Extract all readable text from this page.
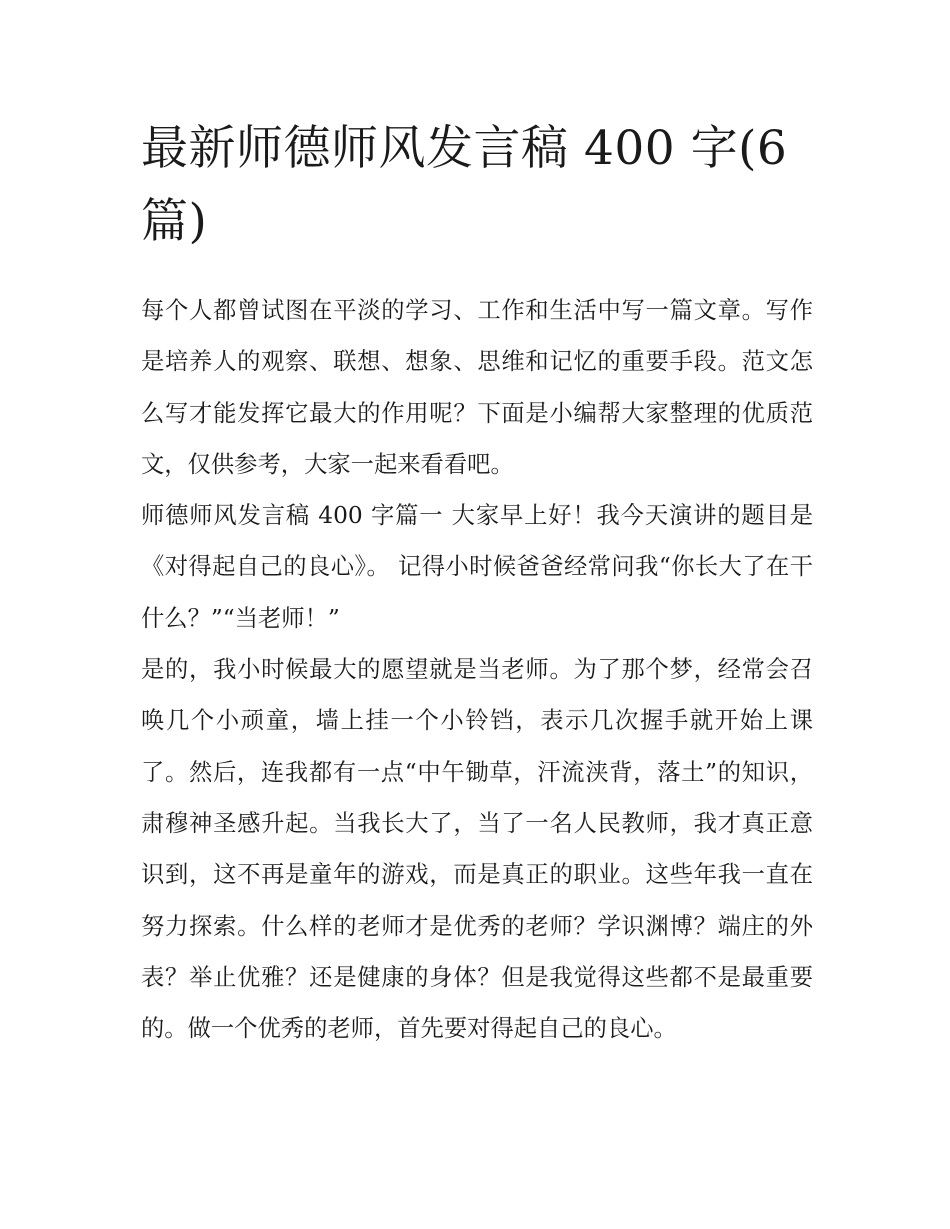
最新师德师风发言稿 400 字(6 篇)

每个人都曾试图在平淡的学习、工作和生活中写一篇文章。写作是培养人的观察、联想、想象、思维和记忆的重要手段。范文怎么写才能发挥它最大的作用呢？下面是小编帮大家整理的优质范文，仅供参考，大家一起来看看吧。

师德师风发言稿 400 字篇一 大家早上好！我今天演讲的题目是《对得起自己的良心》。 记得小时候爸爸经常问我“你长大了在干什么？”“当老师！”

是的，我小时候最大的愿望就是当老师。为了那个梦，经常会召唤几个小顽童，墙上挂一个小铃铛，表示几次握手就开始上课了。然后，连我都有一点“中午锄草，汗流浃背，落土”的知识，肃穆神圣感升起。当我长大了，当了一名人民教师，我才真正意识到，这不再是童年的游戏，而是真正的职业。这些年我一直在努力探索。什么样的老师才是优秀的老师？学识渊博？端庄的外表？举止优雅？还是健康的身体？但是我觉得这些都不是最重要的。做一个优秀的老师，首先要对得起自己的良心。
